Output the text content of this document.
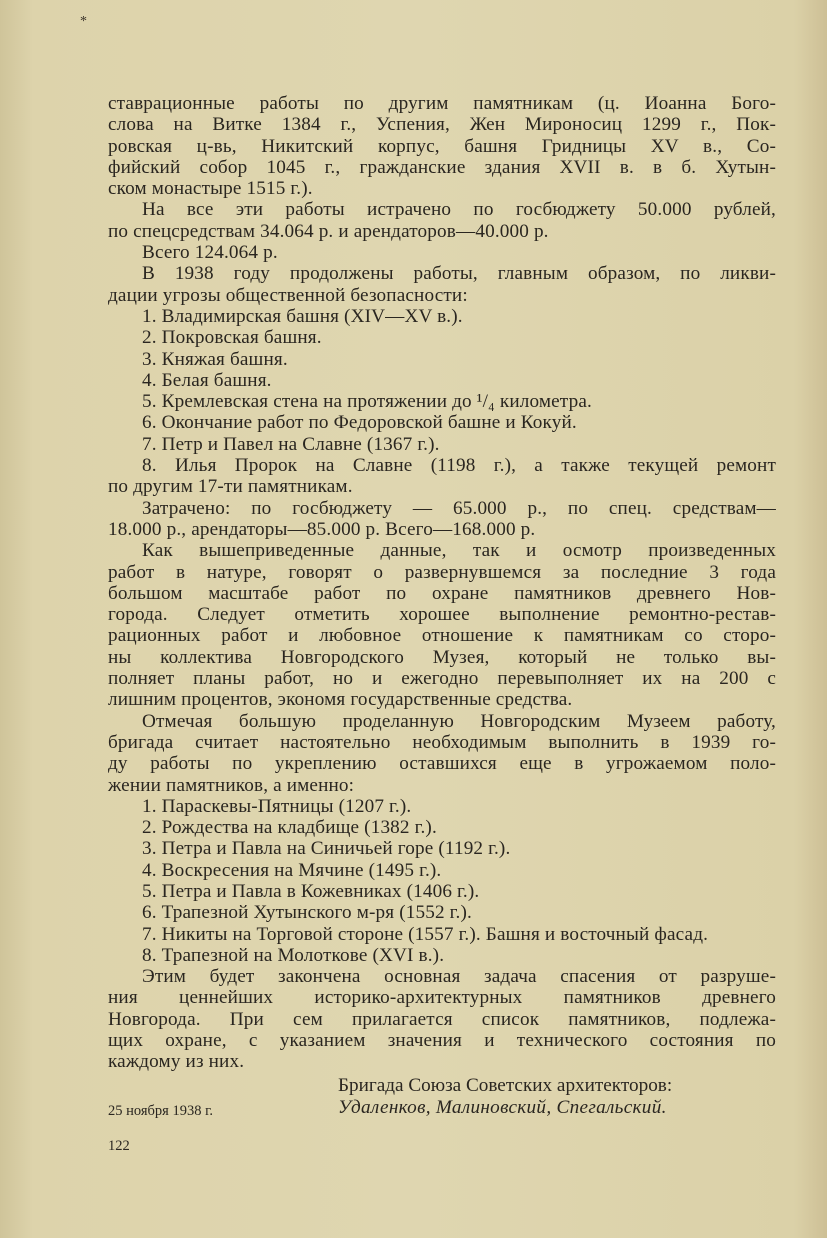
*
ставрационные работы по другим памятникам (ц. Иоанна Бого-
слова на Витке 1384 г., Успения, Жен Мироносиц 1299 г., Пок-
ровская ц-вь, Никитский корпус, башня Гридницы XV в., Со-
фийский собор 1045 г., гражданские здания XVII в. в б. Хутын-
ском монастыре 1515 г.).
На все эти работы истрачено по госбюджету 50.000 рублей,
по спецсредствам 34.064 р. и арендаторов—40.000 р.
Всего 124.064 р.
В 1938 году продолжены работы, главным образом, по ликви-
дации угрозы общественной безопасности:
1. Владимирская башня (XIV—XV в.).
2. Покровская башня.
3. Княжая башня.
4. Белая башня.
5. Кремлевская стена на протяжении до ¹/₄ километра.
6. Окончание работ по Федоровской башне и Кокуй.
7. Петр и Павел на Славне (1367 г.).
8. Илья Пророк на Славне (1198 г.), а также текущей ремонт
по другим 17-ти памятникам.
Затрачено: по госбюджету — 65.000 р., по спец. средствам—
18.000 р., арендаторы—85.000 р. Всего—168.000 р.
Как вышеприведенные данные, так и осмотр произведенных
работ в натуре, говорят о развернувшемся за последние 3 года
большом масштабе работ по охране памятников древнего Нов-
города. Следует отметить хорошее выполнение ремонтно-рестав-
рационных работ и любовное отношение к памятникам со сторо-
ны коллектива Новгородского Музея, который не только вы-
полняет планы работ, но и ежегодно перевыполняет их на 200 с
лишним процентов, экономя государственные средства.
Отмечая большую проделанную Новгородским Музеем работу,
бригада считает настоятельно необходимым выполнить в 1939 го-
ду работы по укреплению оставшихся еще в угрожаемом поло-
жении памятников, а именно:
1. Параскевы-Пятницы (1207 г.).
2. Рождества на кладбище (1382 г.).
3. Петра и Павла на Синичьей горе (1192 г.).
4. Воскресения на Мячине (1495 г.).
5. Петра и Павла в Кожевниках (1406 г.).
6. Трапезной Хутынского м-ря (1552 г.).
7. Никиты на Торговой стороне (1557 г.). Башня и восточный фасад.
8. Трапезной на Молоткове (XVI в.).
Этим будет закончена основная задача спасения от разруше-
ния ценнейших историко-архитектурных памятников древнего
Новгорода. При сем прилагается список памятников, подлежа-
щих охране, с указанием значения и технического состояния по
каждому из них.
Бригада Союза Советских архитекторов:
25 ноября 1938 г.	Удаленков, Малиновский, Спегальский.
122
